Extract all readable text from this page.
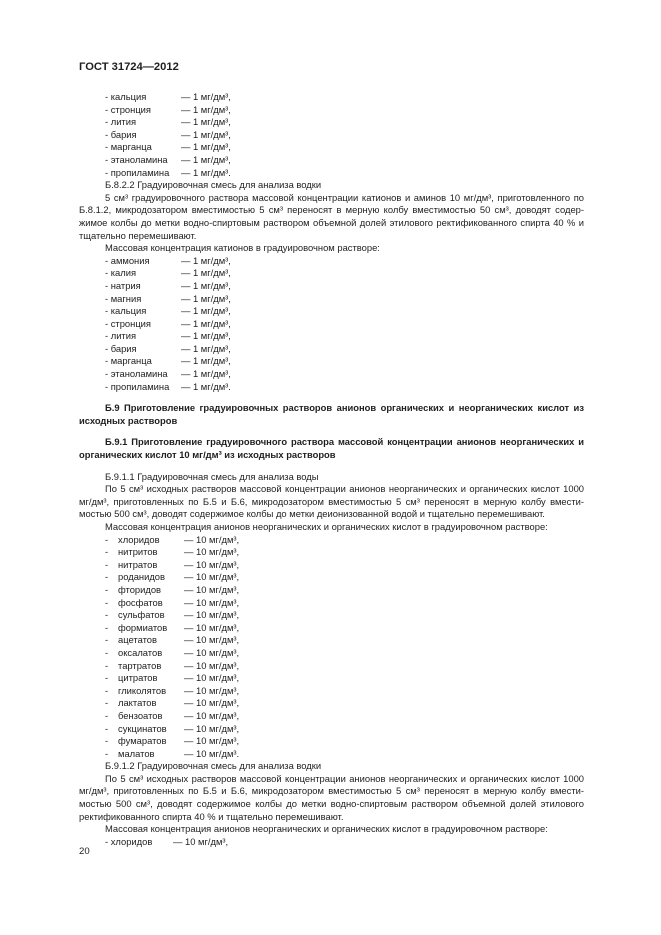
ГОСТ 31724—2012
- кальция	— 1 мг/дм³,
- стронция	— 1 мг/дм³,
- лития	— 1 мг/дм³,
- бария	— 1 мг/дм³,
- марганца	— 1 мг/дм³,
- этаноламина	— 1 мг/дм³,
- пропиламина	— 1 мг/дм³.
Б.8.2.2 Градуировочная смесь для анализа водки
5 см³ градуировочного раствора массовой концентрации катионов и аминов 10 мг/дм³, приготовленного по
Б.8.1.2, микродозатором вместимостью 5 см³ переносят в мерную колбу вместимостью 50 см³, доводят содер-
жимое колбы до метки водно-спиртовым раствором объемной долей этилового ректификованного спирта 40 % и
тщательно перемешивают.
Массовая концентрация катионов в градуировочном растворе:
- аммония	— 1 мг/дм³,
- калия	— 1 мг/дм³,
- натрия	— 1 мг/дм³,
- магния	— 1 мг/дм³,
- кальция	— 1 мг/дм³,
- стронция	— 1 мг/дм³,
- лития	— 1 мг/дм³,
- бария	— 1 мг/дм³,
- марганца	— 1 мг/дм³,
- этаноламина	— 1 мг/дм³,
- пропиламина	— 1 мг/дм³.
Б.9 Приготовление градуировочных растворов анионов органических и неорганических кислот из
исходных растворов
Б.9.1 Приготовление градуировочного раствора массовой концентрации анионов неорганических и
органических кислот 10 мг/дм³ из исходных растворов
Б.9.1.1 Градуировочная смесь для анализа воды
По 5 см³ исходных растворов массовой концентрации анионов неорганических и органических кислот 1000
мг/дм³, приготовленных по Б.5 и Б.6, микродозатором вместимостью 5 см³ переносят в мерную колбу вмести-
мостью 500 см³, доводят содержимое колбы до метки деионизованной водой и тщательно перемешивают.
Массовая концентрация анионов неорганических и органических кислот в градуировочном растворе:
-	хлоридов	— 10 мг/дм³,
-	нитритов	— 10 мг/дм³,
-	нитратов	— 10 мг/дм³,
-	роданидов	— 10 мг/дм³,
-	фторидов	— 10 мг/дм³,
-	фосфатов	— 10 мг/дм³,
-	сульфатов	— 10 мг/дм³,
-	формиатов	— 10 мг/дм³,
-	ацетатов	— 10 мг/дм³,
-	оксалатов	— 10 мг/дм³,
-	тартратов	— 10 мг/дм³,
-	цитратов	— 10 мг/дм³,
-	гликолятов	— 10 мг/дм³,
-	лактатов	— 10 мг/дм³,
-	бензоатов	— 10 мг/дм³,
-	сукцинатов	— 10 мг/дм³,
-	фумаратов	— 10 мг/дм³,
-	малатов	— 10 мг/дм³.
Б.9.1.2 Градуировочная смесь для анализа водки
По 5 см³ исходных растворов массовой концентрации анионов неорганических и органических кислот 1000
мг/дм³, приготовленных по Б.5 и Б.6, микродозатором вместимостью 5 см³ переносят в мерную колбу вмести-
мостью 500 см³, доводят содержимое колбы до метки водно-спиртовым раствором объемной долей этилового
ректификованного спирта 40 % и тщательно перемешивают.
Массовая концентрация анионов неорганических и органических кислот в градуировочном растворе:
- хлоридов	— 10 мг/дм³,
20
